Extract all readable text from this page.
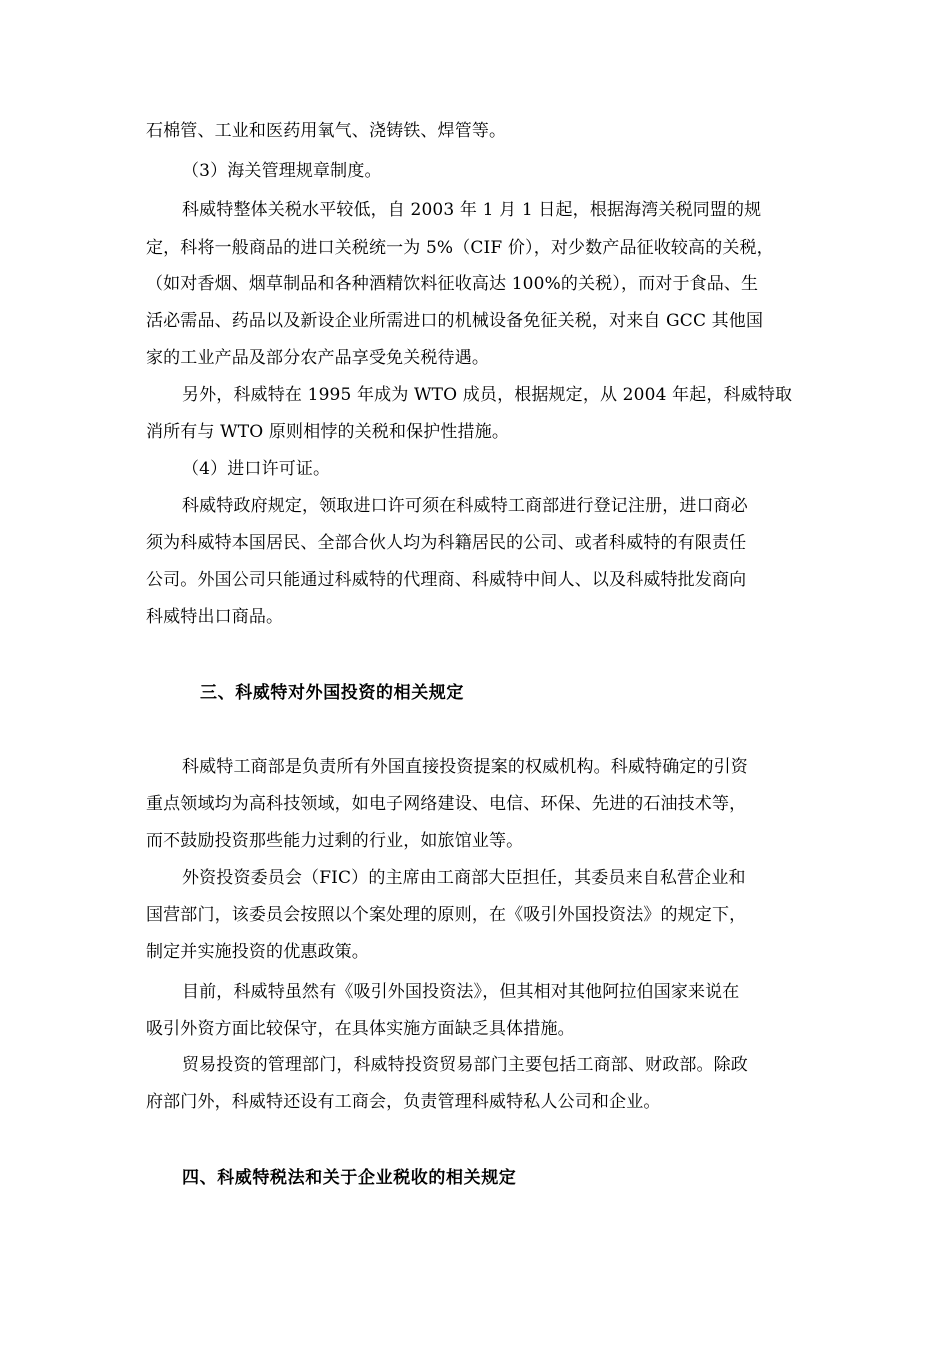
石棉管、工业和医药用氧气、浇铸铁、焊管等。
（3）海关管理规章制度。
科威特整体关税水平较低，自 2003 年 1 月 1 日起，根据海湾关税同盟的规
定，科将一般商品的进口关税统一为 5%（CIF 价），对少数产品征收较高的关税，
（如对香烟、烟草制品和各种酒精饮料征收高达 100%的关税），而对于食品、生
活必需品、药品以及新设企业所需进口的机械设备免征关税，对来自 GCC 其他国
家的工业产品及部分农产品享受免关税待遇。
另外，科威特在 1995 年成为 WTO 成员，根据规定，从 2004 年起，科威特取
消所有与 WTO 原则相悖的关税和保护性措施。
（4）进口许可证。
科威特政府规定，领取进口许可须在科威特工商部进行登记注册，进口商必
须为科威特本国居民、全部合伙人均为科籍居民的公司、或者科威特的有限责任
公司。外国公司只能通过科威特的代理商、科威特中间人、以及科威特批发商向
科威特出口商品。
三、科威特对外国投资的相关规定
科威特工商部是负责所有外国直接投资提案的权威机构。科威特确定的引资
重点领域均为高科技领域，如电子网络建设、电信、环保、先进的石油技术等，
而不鼓励投资那些能力过剩的行业，如旅馆业等。
外资投资委员会（FIC）的主席由工商部大臣担任，其委员来自私营企业和
国营部门，该委员会按照以个案处理的原则，在《吸引外国投资法》的规定下，
制定并实施投资的优惠政策。
目前，科威特虽然有《吸引外国投资法》，但其相对其他阿拉伯国家来说在
吸引外资方面比较保守，在具体实施方面缺乏具体措施。
贸易投资的管理部门，科威特投资贸易部门主要包括工商部、财政部。除政
府部门外，科威特还设有工商会，负责管理科威特私人公司和企业。
四、科威特税法和关于企业税收的相关规定
